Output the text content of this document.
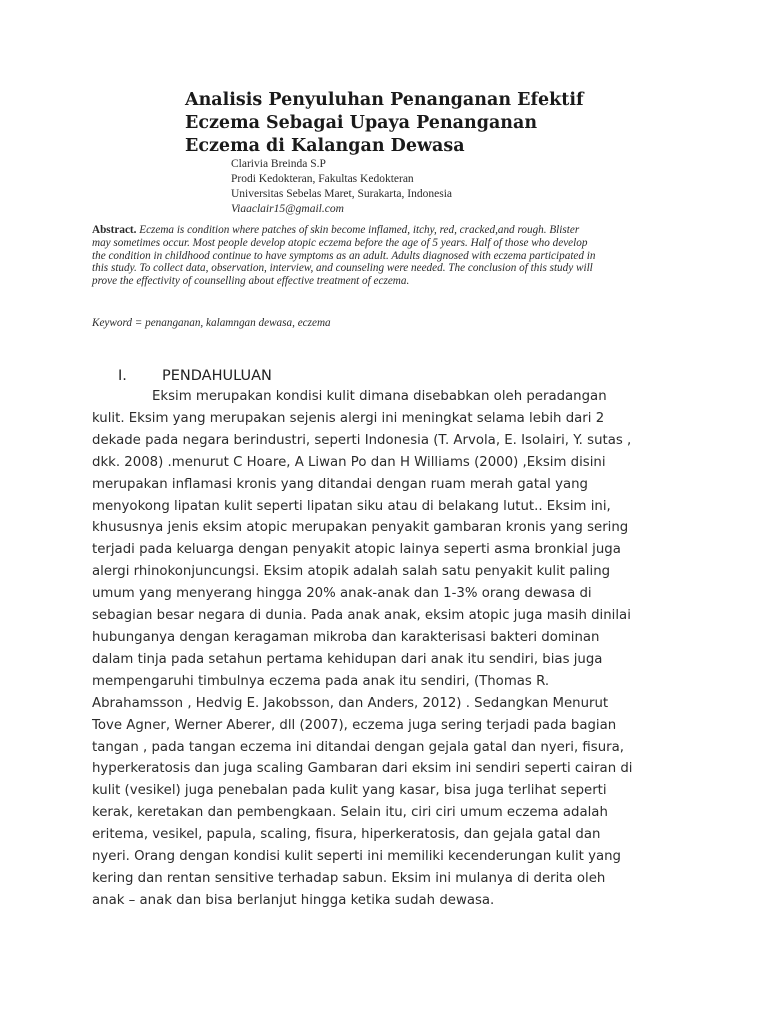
Analisis Penyuluhan Penanganan Efektif
Eczema Sebagai Upaya Penanganan
Eczema di Kalangan Dewasa
Clarivia Breinda S.P
Prodi Kedokteran, Fakultas Kedokteran
Universitas Sebelas Maret, Surakarta, Indonesia
Viaaclair15@gmail.com
Abstract. Eczema is condition where patches of skin become inflamed, itchy, red, cracked,and rough. Blister
may sometimes occur. Most people develop atopic eczema before the age of 5 years. Half of those who develop
the condition in childhood continue to have symptoms as an adult. Adults diagnosed with eczema participated in
this study. To collect data, observation, interview, and counseling were needed. The conclusion of this study will
prove the effectivity of counselling about effective treatment of eczema.
Keyword = penanganan, kalamngan dewasa, eczema
I. PENDAHULUAN
Eksim merupakan kondisi kulit dimana disebabkan oleh peradangan
kulit. Eksim yang merupakan sejenis alergi ini meningkat selama lebih dari 2
dekade pada negara berindustri, seperti Indonesia (T. Arvola, E. Isolairi, Y. sutas ,
dkk. 2008) .menurut C Hoare, A Liwan Po dan H Williams (2000) ,Eksim disini
merupakan inflamasi kronis yang ditandai dengan ruam merah gatal yang
menyokong lipatan kulit seperti lipatan siku atau di belakang lutut.. Eksim ini,
khususnya jenis eksim atopic merupakan penyakit gambaran kronis yang sering
terjadi pada keluarga dengan penyakit atopic lainya seperti asma bronkial juga
alergi rhinokonjuncungsi. Eksim atopik adalah salah satu penyakit kulit paling
umum yang menyerang hingga 20% anak-anak dan 1-3% orang dewasa di
sebagian besar negara di dunia. Pada anak anak, eksim atopic juga masih dinilai
hubunganya dengan keragaman mikroba dan karakterisasi bakteri dominan
dalam tinja pada setahun pertama kehidupan dari anak itu sendiri, bias juga
mempengaruhi timbulnya eczema pada anak itu sendiri, (Thomas R.
Abrahamsson , Hedvig E. Jakobsson, dan Anders, 2012) . Sedangkan Menurut
Tove Agner, Werner Aberer, dll (2007), eczema juga sering terjadi pada bagian
tangan , pada tangan eczema ini ditandai dengan gejala gatal dan nyeri, fisura,
hyperkeratosis dan juga scaling Gambaran dari eksim ini sendiri seperti cairan di
kulit (vesikel) juga penebalan pada kulit yang kasar, bisa juga terlihat seperti
kerak, keretakan dan pembengkaan. Selain itu, ciri ciri umum eczema adalah
eritema, vesikel, papula, scaling, fisura, hiperkeratosis, dan gejala gatal dan
nyeri. Orang dengan kondisi kulit seperti ini memiliki kecenderungan kulit yang
kering dan rentan sensitive terhadap sabun. Eksim ini mulanya di derita oleh
anak – anak dan bisa berlanjut hingga ketika sudah dewasa.
